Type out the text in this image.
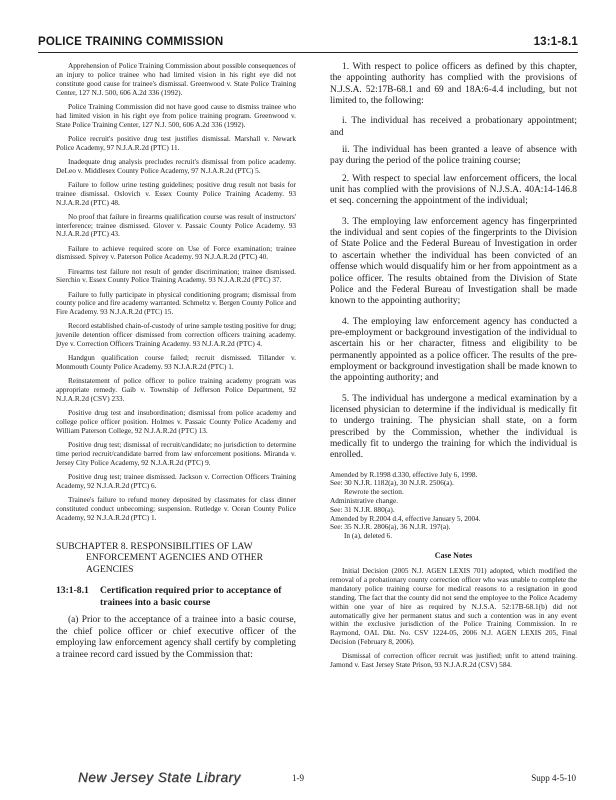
POLICE TRAINING COMMISSION	13:1-8.1

Apprehension of Police Training Commission about possible consequences of an injury to police trainee who had limited vision in his right eye did not constitute good cause for trainee's dismissal. Greenwood v. State Police Training Center, 127 N.J. 500, 606 A.2d 336 (1992).

Police Training Commission did not have good cause to dismiss trainee who had limited vision in his right eye from police training program. Greenwood v. State Police Training Center, 127 N.J. 500, 606 A.2d 336 (1992).

Police recruit's positive drug test justifies dismissal. Marshall v. Newark Police Academy, 97 N.J.A.R.2d (PTC) 11.

Inadequate drug analysis precludes recruit's dismissal from police academy. DeLeo v. Middlesex County Police Academy, 97 N.J.A.R.2d (PTC) 5.

Failure to follow urine testing guidelines; positive drug result not basis for trainee dismissal. Oslovich v. Essex County Police Training Academy. 93 N.J.A.R.2d (PTC) 48.

No proof that failure in firearms qualification course was result of instructors' interference; trainee dismissed. Glover v. Passaic County Police Academy. 93 N.J.A.R.2d (PTC) 43.

Failure to achieve required score on Use of Force examination; trainee dismissed. Spivey v. Paterson Police Academy. 93 N.J.A.R.2d (PTC) 40.

Firearms test failure not result of gender discrimination; trainee dismissed. Sierchio v. Essex County Police Training Academy. 93 N.J.A.R.2d (PTC) 37.

Failure to fully participate in physical conditioning program; dismissal from county police and fire academy warranted. Schmeltz v. Bergen County Police and Fire Academy. 93 N.J.A.R.2d (PTC) 15.

Record established chain-of-custody of urine sample testing positive for drug; juvenile detention officer dismissed from correction officers training academy. Dye v. Correction Officers Training Academy. 93 N.J.A.R.2d (PTC) 4.

Handgun qualification course failed; recruit dismissed. Tillander v. Monmouth County Police Academy. 93 N.J.A.R.2d (PTC) 1.

Reinstatement of police officer to police training academy program was appropriate remedy. Gaib v. Township of Jefferson Police Department, 92 N.J.A.R.2d (CSV) 233.

Positive drug test and insubordination; dismissal from police academy and college police officer position. Holmes v. Passaic County Police Academy and William Paterson College, 92 N.J.A.R.2d (PTC) 13.

Positive drug test; dismissal of recruit/candidate; no jurisdiction to determine time period recruit/candidate barred from law enforcement positions. Miranda v. Jersey City Police Academy, 92 N.J.A.R.2d (PTC) 9.

Positive drug test; trainee dismissed. Jackson v. Correction Officers Training Academy, 92 N.J.A.R.2d (PTC) 6.

Trainee's failure to refund money deposited by classmates for class dinner constituted conduct unbecoming; suspension. Rutledge v. Ocean County Police Academy, 92 N.J.A.R.2d (PTC) 1.

SUBCHAPTER 8. RESPONSIBILITIES OF LAW ENFORCEMENT AGENCIES AND OTHER AGENCIES
13:1-8.1	Certification required prior to acceptance of trainees into a basic course

(a) Prior to the acceptance of a trainee into a basic course, the chief police officer or chief executive officer of the employing law enforcement agency shall certify by completing a trainee record card issued by the Commission that:

1. With respect to police officers as defined by this chapter, the appointing authority has complied with the provisions of N.J.S.A. 52:17B-68.1 and 69 and 18A:6-4.4 including, but not limited to, the following:

i. The individual has received a probationary appointment; and

ii. The individual has been granted a leave of absence with pay during the period of the police training course;

2. With respect to special law enforcement officers, the local unit has complied with the provisions of N.J.S.A. 40A:14-146.8 et seq. concerning the appointment of the individual;

3. The employing law enforcement agency has fingerprinted the individual and sent copies of the fingerprints to the Division of State Police and the Federal Bureau of Investigation in order to ascertain whether the individual has been convicted of an offense which would disqualify him or her from appointment as a police officer. The results obtained from the Division of State Police and the Federal Bureau of Investigation shall be made known to the appointing authority;

4. The employing law enforcement agency has conducted a pre-employment or background investigation of the individual to ascertain his or her character, fitness and eligibility to be permanently appointed as a police officer. The results of the pre-employment or background investigation shall be made known to the appointing authority; and

5. The individual has undergone a medical examination by a licensed physician to determine if the individual is medically fit to undergo training. The physician shall state, on a form prescribed by the Commission, whether the individual is medically fit to undergo the training for which the individual is enrolled.

Amended by R.1998 d.330, effective July 6, 1998.
See: 30 N.J.R. 1182(a), 30 N.J.R. 2506(a).
Rewrote the section.
Administrative change.
See: 31 N.J.R. 880(a).
Amended by R.2004 d.4, effective January 5, 2004.
See: 35 N.J.R. 2806(a), 36 N.J.R. 197(a).
In (a), deleted 6.
Case Notes

Initial Decision (2005 N.J. AGEN LEXIS 701) adopted, which modified the removal of a probationary county correction officer who was unable to complete the mandatory police training course for medical reasons to a resignation in good standing. The fact that the county did not send the employee to the Police Academy within one year of hire as required by N.J.S.A. 52:17B-68.1(b) did not automatically give her permanent status and such a contention was in any event within the exclusive jurisdiction of the Police Training Commission. In re Raymond, OAL Dkt. No. CSV 1224-05, 2006 N.J. AGEN LEXIS 205, Final Decision (February 8, 2006).

Dismissal of correction officer recruit was justified; unfit to attend training. Jamond v. East Jersey State Prison, 93 N.J.A.R.2d (CSV) 584.

New Jersey State Library	1-9	Supp 4-5-10
